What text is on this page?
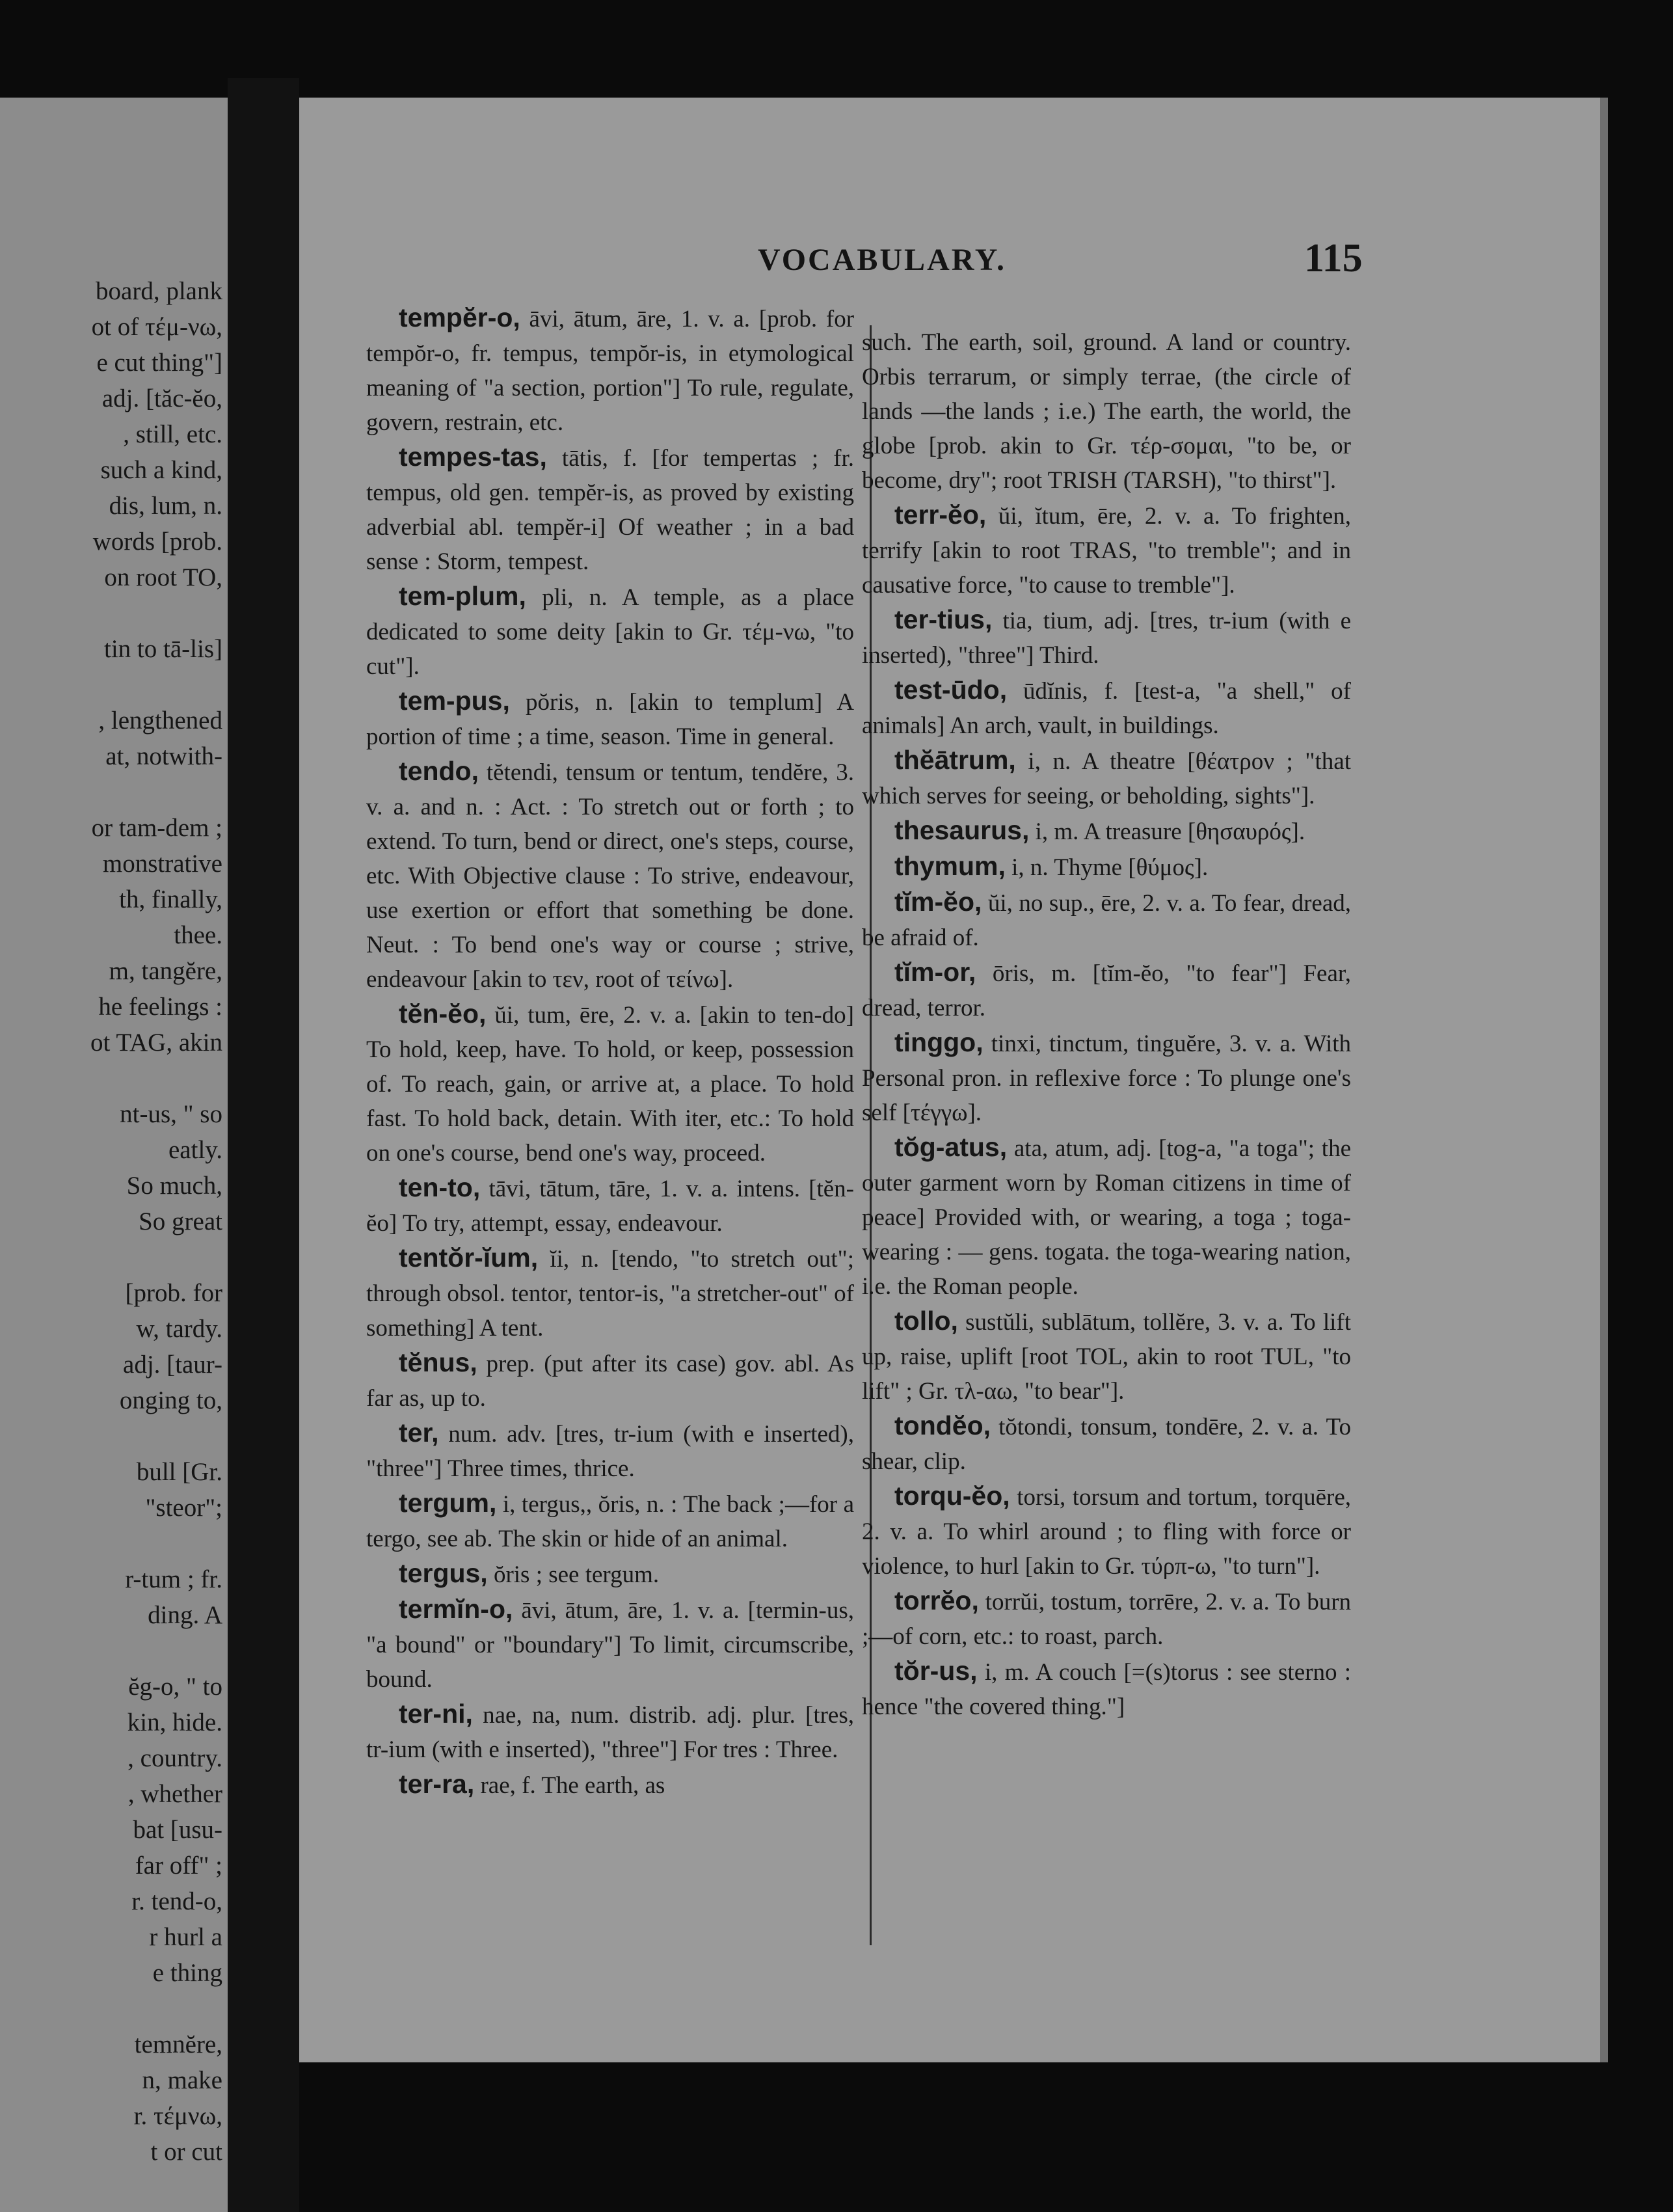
board, plank
ot of τέμ-νω,
e cut thing"]
adj. [tăc-ĕo,
, still, etc.
such a kind,
dis, lum, n.
words [prob.
on root TO,

tin to tā-lis]

, lengthened
at, notwith-

or tam-dem ;
monstrative
th, finally,
thee.
m, tangĕre,
he feelings :
ot TAG, akin

nt-us, " so
eatly.
So much,
So great

[prob. for
w, tardy.
adj. [taur-
onging to,

bull [Gr.
"steor";

r-tum ; fr.
ding. A

ĕg-o, " to
kin, hide.
, country.
, whether
bat [usu-
far off" ;
r. tend-o,
r hurl a
e thing

temnĕre,
n, make
r. τέμνω,
t or cut
VOCABULARY.	115

tempĕr-o, āvi, ātum, āre, 1. v. a. [prob. for tempŏr-o, fr. tempus, tempŏr-is, in etymological meaning of "a section, portion"] To rule, regulate, govern, restrain, etc.

tempes-tas, tātis, f. [for tempertas ; fr. tempus, old gen. tempĕr-is, as proved by existing adverbial abl. tempĕr-i] Of weather ; in a bad sense : Storm, tempest.

tem-plum, pli, n. A temple, as a place dedicated to some deity [akin to Gr. τέμ-νω, "to cut"].

tem-pus, pŏris, n. [akin to templum] A portion of time ; a time, season. Time in general.

tendo, tĕtendi, tensum or tentum, tendĕre, 3. v. a. and n. : Act. : To stretch out or forth ; to extend. To turn, bend or direct, one's steps, course, etc. With Objective clause : To strive, endeavour, use exertion or effort that something be done. Neut. : To bend one's way or course ; strive, endeavour [akin to τεν, root of τείνω].

tĕn-ĕo, ŭi, tum, ēre, 2. v. a. [akin to ten-do] To hold, keep, have. To hold, or keep, possession of. To reach, gain, or arrive at, a place. To hold fast. To hold back, detain. With iter, etc.: To hold on one's course, bend one's way, proceed.

ten-to, tāvi, tātum, tāre, 1. v. a. intens. [tĕn-ĕo] To try, attempt, essay, endeavour.

tentŏr-ĭum, ĭi, n. [tendo, "to stretch out"; through obsol. tentor, tentor-is, "a stretcher-out" of something] A tent.

tĕnus, prep. (put after its case) gov. abl. As far as, up to.

ter, num. adv. [tres, tr-ium (with e inserted), "three"] Three times, thrice.

tergum, i, tergus,, ŏris, n. : The back ;—for a tergo, see ab. The skin or hide of an animal.

tergus, ŏris ; see tergum.

termĭn-o, āvi, ātum, āre, 1. v. a. [termin-us, "a bound" or "boundary"] To limit, circumscribe, bound.

ter-ni, nae, na, num. distrib. adj. plur. [tres, tr-ium (with e inserted), "three"] For tres : Three.

ter-ra, rae, f. The earth, as

such. The earth, soil, ground. A land or country. Orbis terrarum, or simply terrae, (the circle of lands —the lands ; i.e.) The earth, the world, the globe [prob. akin to Gr. τέρ-σομαι, "to be, or become, dry"; root TRISH (TARSH), "to thirst"].

terr-ĕo, ŭi, ĭtum, ēre, 2. v. a. To frighten, terrify [akin to root TRAS, "to tremble"; and in causative force, "to cause to tremble"].

ter-tius, tia, tium, adj. [tres, tr-ium (with e inserted), "three"] Third.

test-ūdo, ūdĭnis, f. [test-a, "a shell," of animals] An arch, vault, in buildings.

thĕātrum, i, n. A theatre [θέατρον ; "that which serves for seeing, or beholding, sights"].

thesaurus, i, m. A treasure [θησαυρός].

thymum, i, n. Thyme [θύμος].

tĭm-ĕo, ŭi, no sup., ēre, 2. v. a. To fear, dread, be afraid of.

tĭm-or, ōris, m. [tĭm-ĕo, "to fear"] Fear, dread, terror.

tinggo, tinxi, tinctum, tinguĕre, 3. v. a. With Personal pron. in reflexive force : To plunge one's self [τέγγω].

tŏg-atus, ata, atum, adj. [tog-a, "a toga"; the outer garment worn by Roman citizens in time of peace] Provided with, or wearing, a toga ; toga-wearing : — gens. togata. the toga-wearing nation, i.e. the Roman people.

tollo, sustŭli, sublātum, tollĕre, 3. v. a. To lift up, raise, uplift [root TOL, akin to root TUL, "to lift" ; Gr. τλ-αω, "to bear"].

tondĕo, tŏtondi, tonsum, tondēre, 2. v. a. To shear, clip.

torqu-ĕo, torsi, torsum and tortum, torquēre, 2. v. a. To whirl around ; to fling with force or violence, to hurl [akin to Gr. τύρπ-ω, "to turn"].

torrĕo, torrŭi, tostum, torrēre, 2. v. a. To burn ;—of corn, etc.: to roast, parch.

tŏr-us, i, m. A couch [=(s)torus : see sterno : hence "the covered thing."]
